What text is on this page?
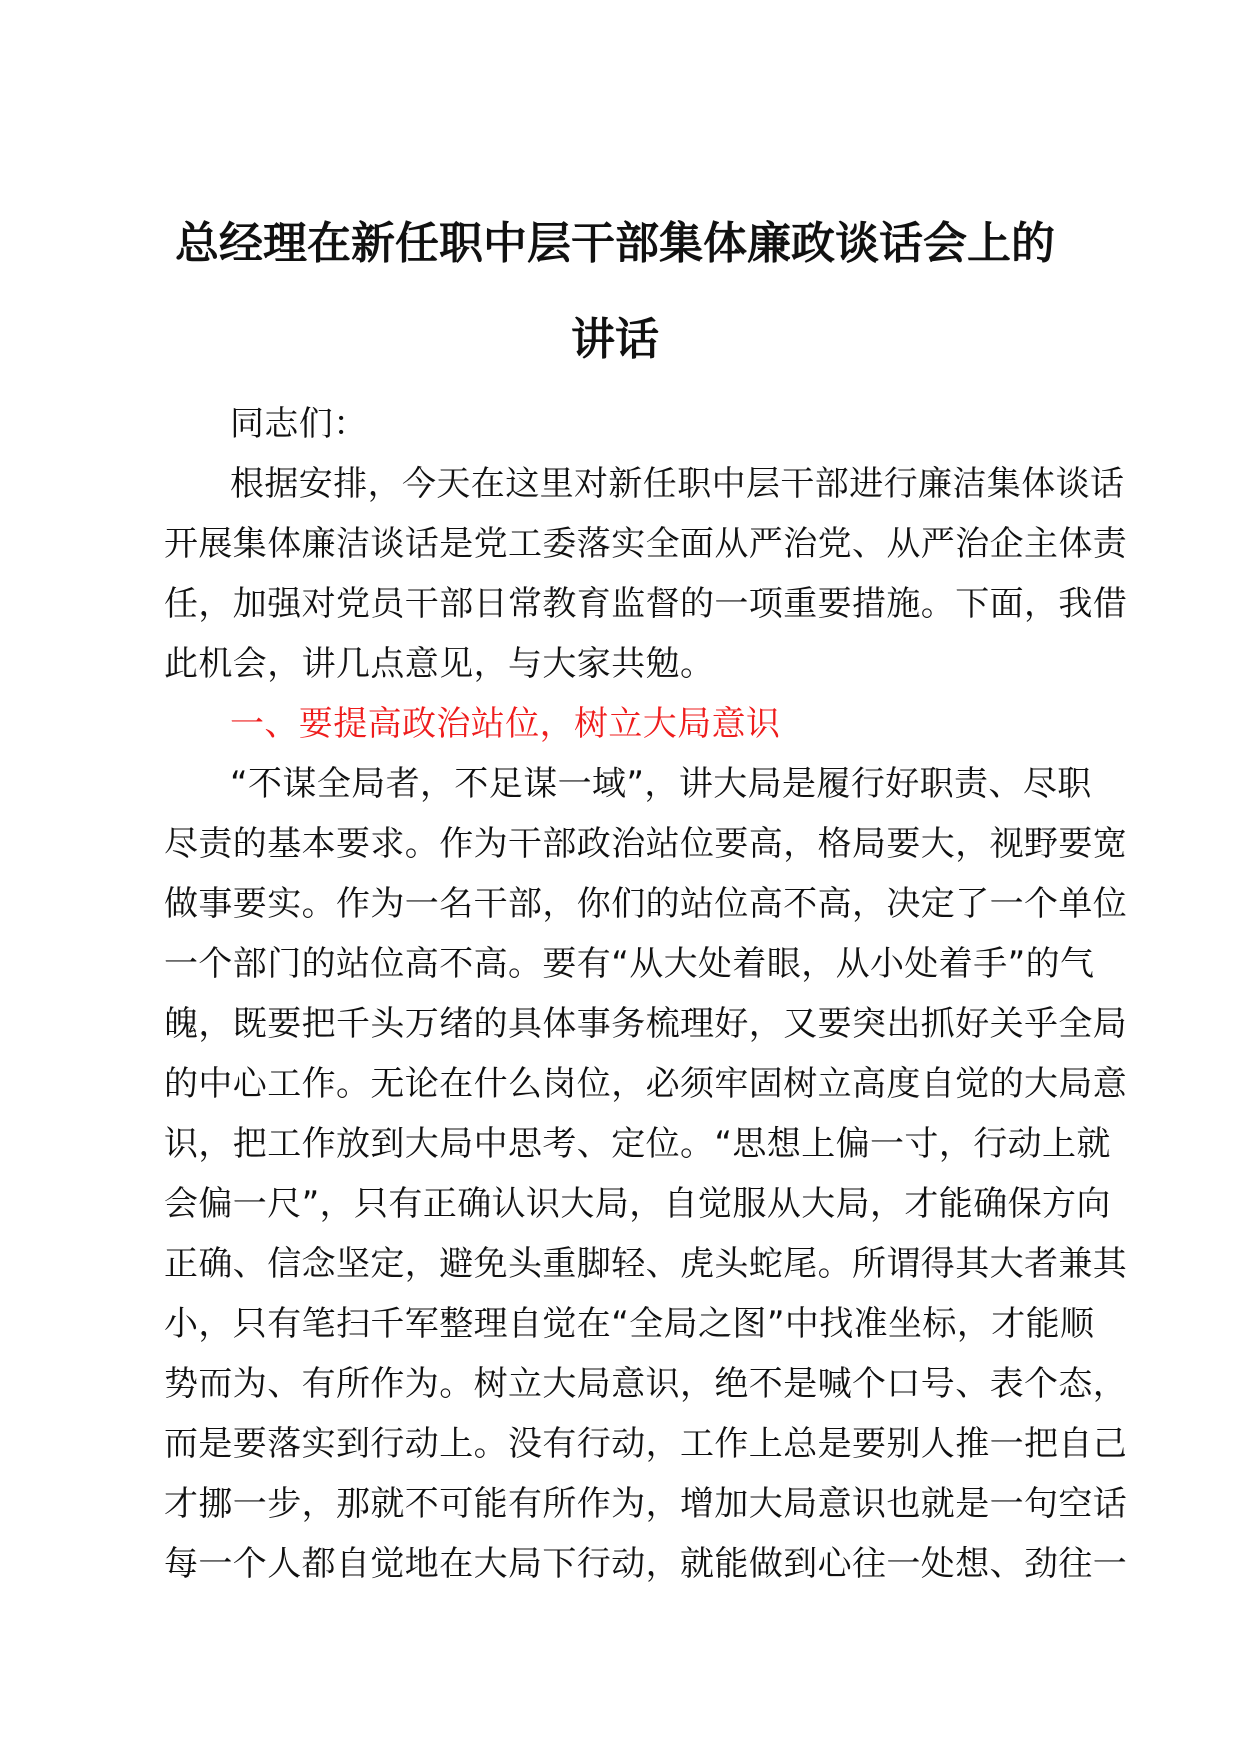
总经理在新任职中层干部集体廉政谈话会上的
讲话
同志们：
根据安排，今天在这里对新任职中层干部进行廉洁集体谈话
开展集体廉洁谈话是党工委落实全面从严治党、从严治企主体责
任，加强对党员干部日常教育监督的一项重要措施。下面，我借
此机会，讲几点意见，与大家共勉。
一、要提高政治站位，树立大局意识
“不谋全局者，不足谋一域”，讲大局是履行好职责、尽职
尽责的基本要求。作为干部政治站位要高，格局要大，视野要宽
做事要实。作为一名干部，你们的站位高不高，决定了一个单位
一个部门的站位高不高。要有“从大处着眼，从小处着手”的气
魄，既要把千头万绪的具体事务梳理好，又要突出抓好关乎全局
的中心工作。无论在什么岗位，必须牢固树立高度自觉的大局意
识，把工作放到大局中思考、定位。“思想上偏一寸，行动上就
会偏一尺”，只有正确认识大局，自觉服从大局，才能确保方向
正确、信念坚定，避免头重脚轻、虎头蛇尾。所谓得其大者兼其
小，只有笔扫千军整理自觉在“全局之图”中找准坐标，才能顺
势而为、有所作为。树立大局意识，绝不是喊个口号、表个态，
而是要落实到行动上。没有行动，工作上总是要别人推一把自己
才挪一步，那就不可能有所作为，增加大局意识也就是一句空话
每一个人都自觉地在大局下行动，就能做到心往一处想、劲往一
